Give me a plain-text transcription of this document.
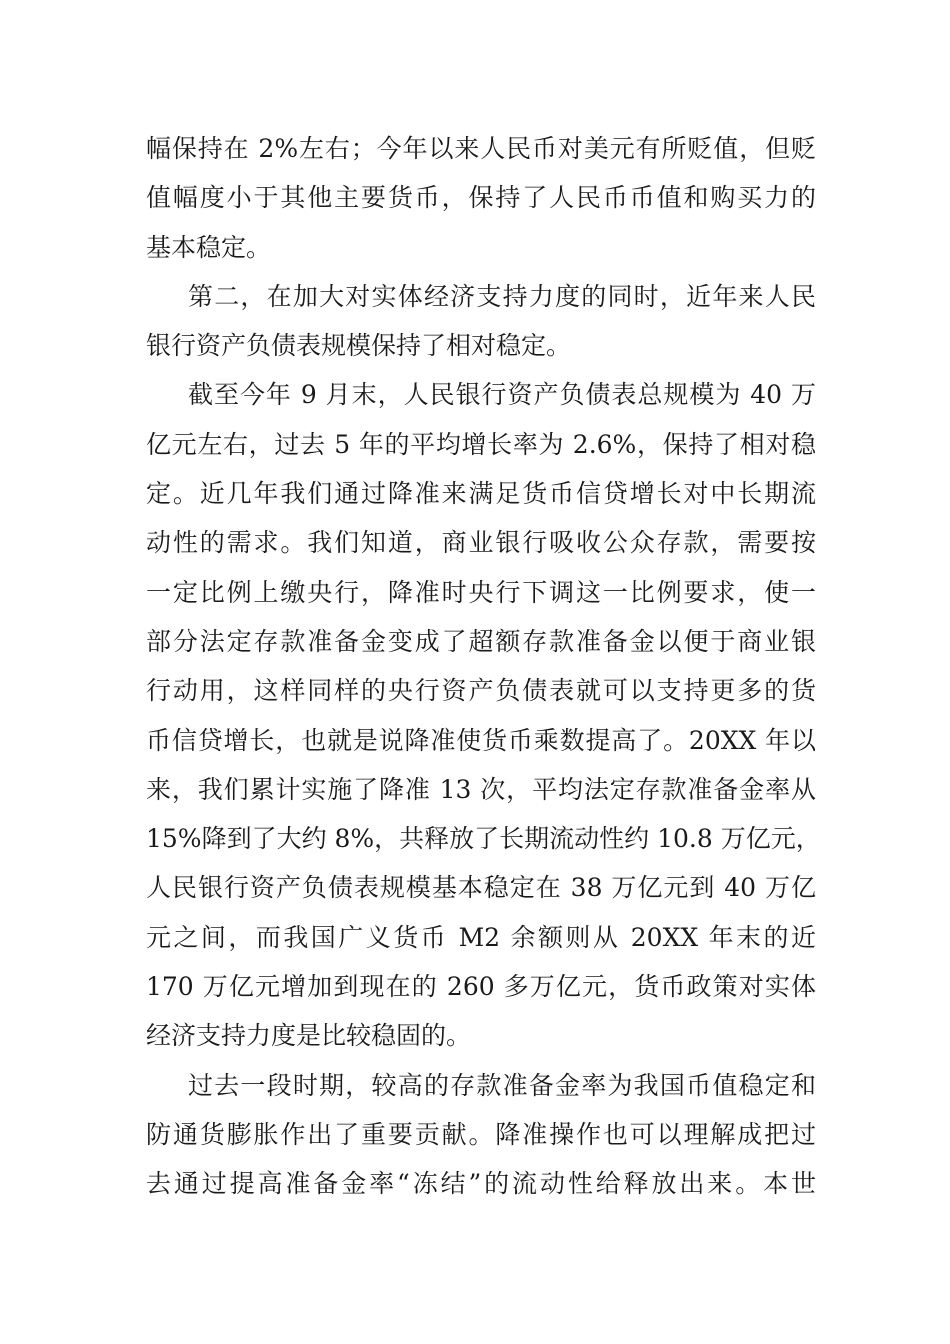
幅保持在 2%左右；今年以来人民币对美元有所贬值，但贬
值幅度小于其他主要货币，保持了人民币币值和购买力的
基本稳定。
第二，在加大对实体经济支持力度的同时，近年来人民
银行资产负债表规模保持了相对稳定。
截至今年 9 月末，人民银行资产负债表总规模为 40 万
亿元左右，过去 5 年的平均增长率为 2.6%，保持了相对稳
定。近几年我们通过降准来满足货币信贷增长对中长期流
动性的需求。我们知道，商业银行吸收公众存款，需要按
一定比例上缴央行，降准时央行下调这一比例要求，使一
部分法定存款准备金变成了超额存款准备金以便于商业银
行动用，这样同样的央行资产负债表就可以支持更多的货
币信贷增长，也就是说降准使货币乘数提高了。20XX 年以
来，我们累计实施了降准 13 次，平均法定存款准备金率从
15%降到了大约 8%，共释放了长期流动性约 10.8 万亿元，
人民银行资产负债表规模基本稳定在 38 万亿元到 40 万亿
元之间，而我国广义货币 M2 余额则从 20XX 年末的近
170 万亿元增加到现在的 260 多万亿元，货币政策对实体
经济支持力度是比较稳固的。
过去一段时期，较高的存款准备金率为我国币值稳定和
防通货膨胀作出了重要贡献。降准操作也可以理解成把过
去通过提高准备金率“冻结”的流动性给释放出来。本世
